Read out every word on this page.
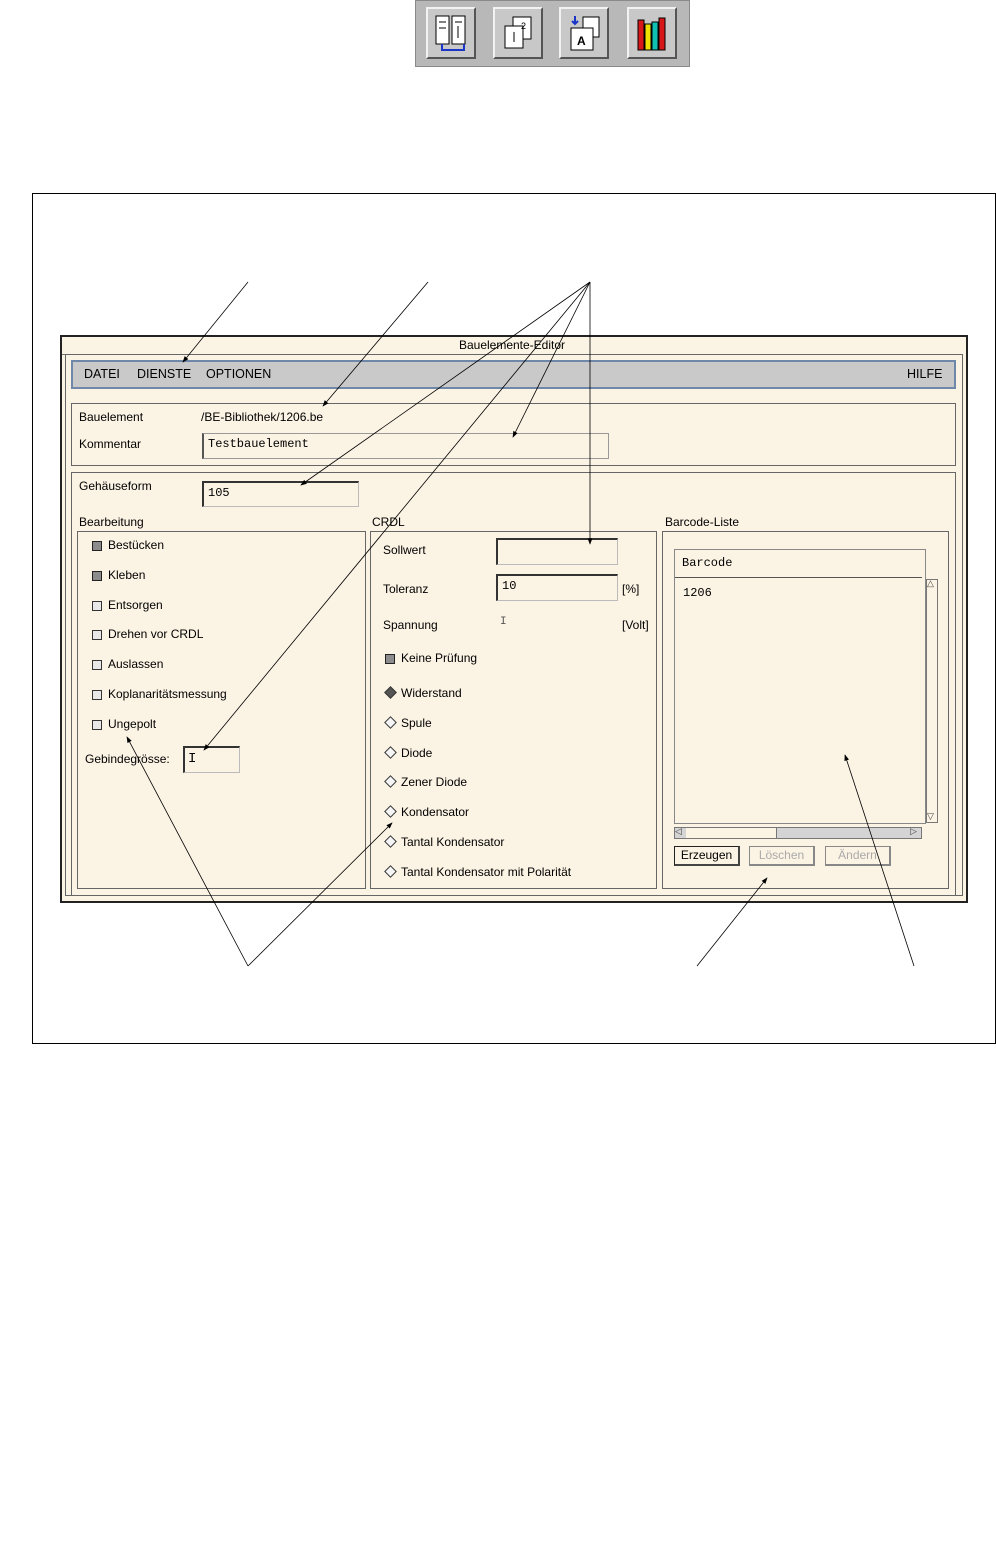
2
A
Bauelemente-Editor
DATEI DIENSTE OPTIONEN	HILFE
Bauelement	/BE-Bibliothek/1206.be
Kommentar	Testbauelement
Gehäuseform	105
Bearbeitung
Bestücken
Kleben
Entsorgen
Drehen vor CRDL
Auslassen
Koplanaritätsmessung
Ungepolt
Gebindegrösse: I
CRDL
Sollwert
Toleranz	10	[%]
Spannung	I	[Volt]
Keine Prüfung
Widerstand
Spule
Diode
Zener Diode
Kondensator
Tantal Kondensator
Tantal Kondensator mit Polarität
Barcode-Liste
Barcode
1206
△
▽
◁	▷
Erzeugen	Löschen	Ändern
